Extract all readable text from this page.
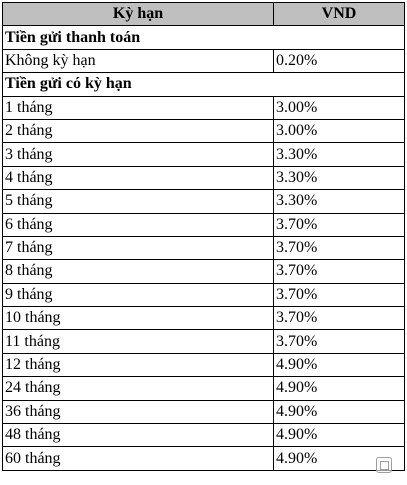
Kỳ hạn	VND
Tiền gửi thanh toán	
Không kỳ hạn	0.20%
Tiền gửi có kỳ hạn	
1 tháng	3.00%
2 tháng	3.00%
3 tháng	3.30%
4 tháng	3.30%
5 tháng	3.30%
6 tháng	3.70%
7 tháng	3.70%
8 tháng	3.70%
9 tháng	3.70%
10 tháng	3.70%
11 tháng	3.70%
12 tháng	4.90%
24 tháng	4.90%
36 tháng	4.90%
48 tháng	4.90%
60 tháng	4.90%
